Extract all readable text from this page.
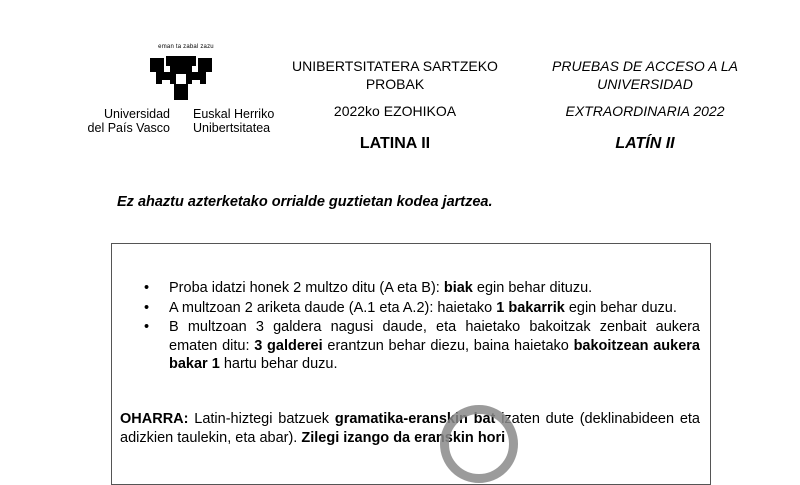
eman ta zabal zazu
Universidad
del País Vasco
Euskal Herriko
Unibertsitatea
UNIBERTSITATERA SARTZEKO
PROBAK
2022ko EZOHIKOA
LATINA II
PRUEBAS DE ACCESO A LA
UNIVERSIDAD
EXTRAORDINARIA 2022
LATÍN II
Ez ahaztu azterketako orrialde guztietan kodea jartzea.
• Proba idatzi honek 2 multzo ditu (A eta B): biak egin behar dituzu.
• A multzoan 2 ariketa daude (A.1 eta A.2): haietako 1 bakarrik egin behar duzu.
• B multzoan 3 galdera nagusi daude, eta haietako bakoitzak zenbait aukera ematen ditu: 3 galderei erantzun behar diezu, baina haietako bakoitzean aukera bakar 1 hartu behar duzu.
OHARRA: Latin-hiztegi batzuek gramatika-eranskin bat izaten dute (deklinabideen eta adizkien taulekin, eta abar). Zilegi izango da eranskin hori
